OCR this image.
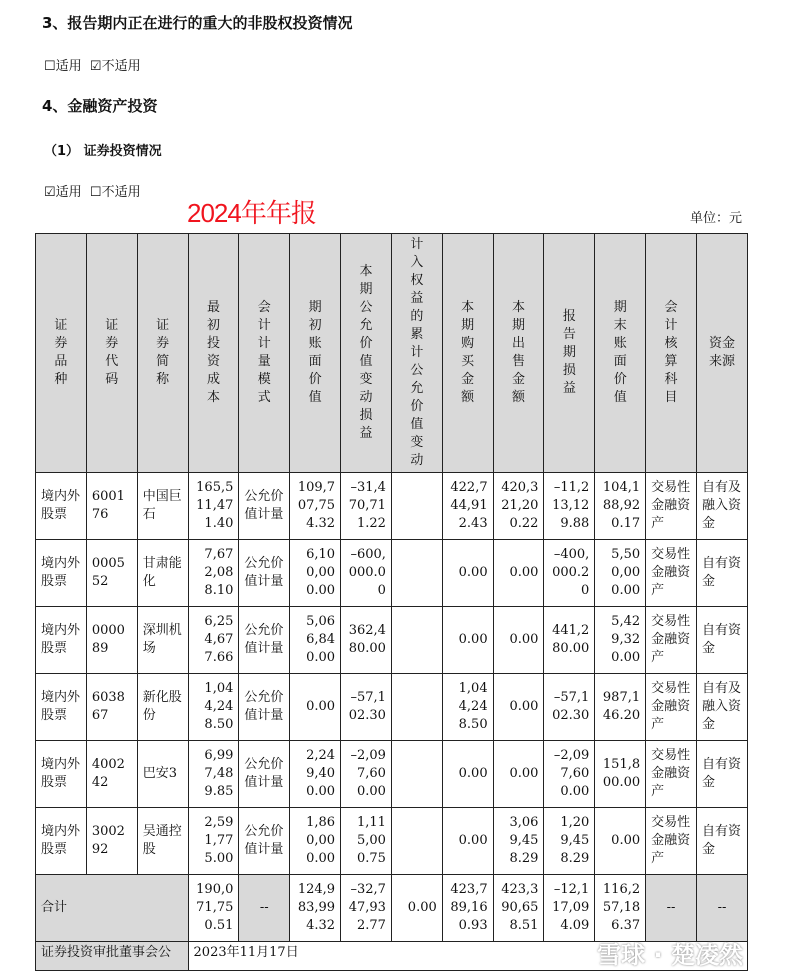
3、报告期内正在进行的重大的非股权投资情况
☐适用 ☑不适用
4、金融资产投资
（1） 证券投资情况
☑适用 ☐不适用
2024年年报	单位：元
证券品种	证券代码	证券简称	最初投资成本	会计计量模式	期初账面价值	本期公允价值变动损益	计入权益的累计公允价值变动	本期购买金额	本期出售金额	报告期损益	期末账面价值	会计核算科目	资金来源
境内外股票	600176	中国巨石	165,511,471.40	公允价值计量	109,707,754.32	–31,470,711.22		422,744,912.43	420,321,200.22	–11,213,129.88	104,188,920.17	交易性金融资产	自有及融入资金
境内外股票	000552	甘肃能化	7,672,088.10	公允价值计量	6,100,000.00	–600,000.00		0.00	0.00	–400,000.20	5,500,000.00	交易性金融资产	自有资金
境内外股票	000089	深圳机场	6,254,677.66	公允价值计量	5,066,840.00	362,480.00		0.00	0.00	441,280.00	5,429,320.00	交易性金融资产	自有资金
境内外股票	603867	新化股份	1,044,248.50	公允价值计量	0.00	–57,102.30		1,044,248.50	0.00	–57,102.30	987,146.20	交易性金融资产	自有及融入资金
境内外股票	400242	巴安3	6,997,489.85	公允价值计量	2,249,400.00	–2,097,600.00		0.00	0.00	–2,097,600.00	151,800.00	交易性金融资产	自有资金
境内外股票	300292	吴通控股	2,591,775.00	公允价值计量	1,860,000.00	1,115,000.75		0.00	3,069,458.29	1,209,458.29	0.00	交易性金融资产	自有资金
合计			190,071,750.51	--	124,983,994.32	–32,747,932.77	0.00	423,789,160.93	423,390,658.51	–12,117,094.09	116,257,186.37	--	--
证券投资审批董事会公			2023年11月17日 雪球 · 楚凌然										
